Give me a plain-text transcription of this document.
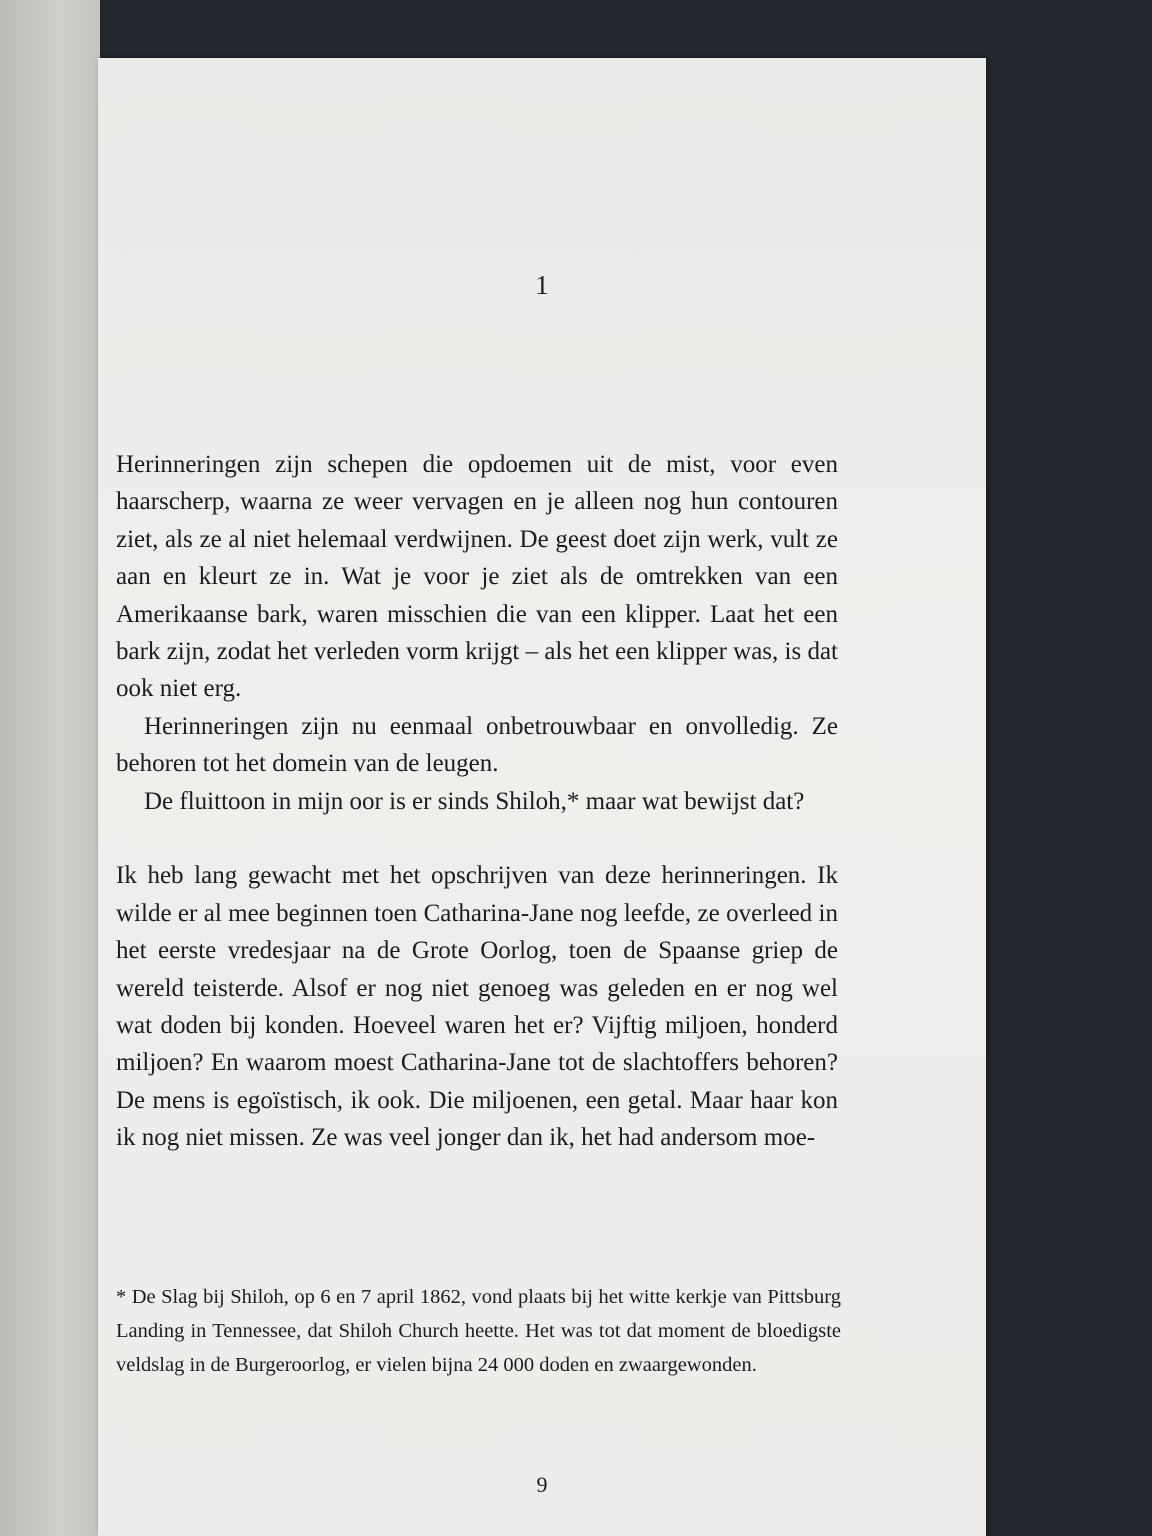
1

Herinneringen zijn schepen die opdoemen uit de mist, voor even haarscherp, waarna ze weer vervagen en je alleen nog hun contouren ziet, als ze al niet helemaal verdwijnen. De geest doet zijn werk, vult ze aan en kleurt ze in. Wat je voor je ziet als de omtrekken van een Amerikaanse bark, waren misschien die van een klipper. Laat het een bark zijn, zodat het verleden vorm krijgt – als het een klipper was, is dat ook niet erg.

Herinneringen zijn nu eenmaal onbetrouwbaar en onvolledig. Ze behoren tot het domein van de leugen.

De fluittoon in mijn oor is er sinds Shiloh,* maar wat bewijst dat?

Ik heb lang gewacht met het opschrijven van deze herinneringen. Ik wilde er al mee beginnen toen Catharina-Jane nog leefde, ze overleed in het eerste vredesjaar na de Grote Oorlog, toen de Spaanse griep de wereld teisterde. Alsof er nog niet genoeg was geleden en er nog wel wat doden bij konden. Hoeveel waren het er? Vijftig miljoen, honderd miljoen? En waarom moest Catharina-Jane tot de slachtoffers behoren? De mens is egoïstisch, ik ook. Die miljoenen, een getal. Maar haar kon ik nog niet missen. Ze was veel jonger dan ik, het had andersom moe-

* De Slag bij Shiloh, op 6 en 7 april 1862, vond plaats bij het witte kerkje van Pittsburg Landing in Tennessee, dat Shiloh Church heette. Het was tot dat moment de bloedigste veldslag in de Burgeroorlog, er vielen bijna 24 000 doden en zwaargewonden.

9
